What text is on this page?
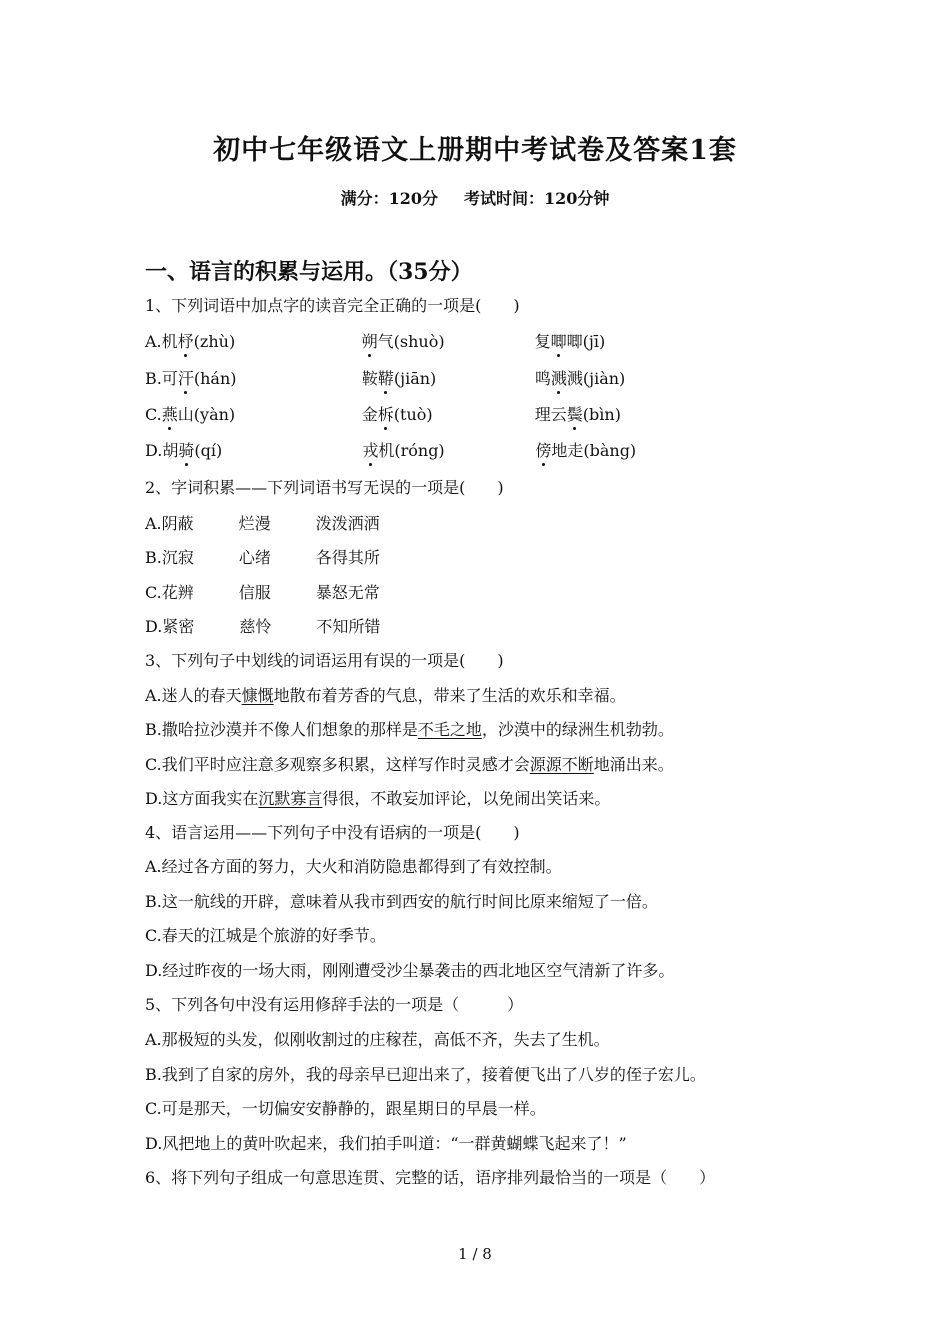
初中七年级语文上册期中考试卷及答案1套
满分：120分 考试时间：120分钟
一、语言的积累与运用。（35分）
1、下列词语中加点字的读音完全正确的一项是(　　)
A.机杼(zhù)	朔气(shuò)	复唧唧(jī)
B.可汗(hán)	鞍鞯(jiān)	鸣溅溅(jiàn)
C.燕山(yàn)	金柝(tuò)	理云鬓(bìn)
D.胡骑(qí)	戎机(róng)	傍地走(bàng)
2、字词积累——下列词语书写无误的一项是(　　)
A.阴蔽	烂漫	泼泼洒洒
B.沉寂	心绪	各得其所
C.花辨	信服	暴怒无常
D.紧密	慈怜	不知所错
3、下列句子中划线的词语运用有误的一项是(　　)
A.迷人的春天慷慨地散布着芳香的气息，带来了生活的欢乐和幸福。
B.撒哈拉沙漠并不像人们想象的那样是不毛之地，沙漠中的绿洲生机勃勃。
C.我们平时应注意多观察多积累，这样写作时灵感才会源源不断地涌出来。
D.这方面我实在沉默寡言得很，不敢妄加评论，以免闹出笑话来。
4、语言运用——下列句子中没有语病的一项是(　　)
A.经过各方面的努力，大火和消防隐患都得到了有效控制。
B.这一航线的开辟，意味着从我市到西安的航行时间比原来缩短了一倍。
C.春天的江城是个旅游的好季节。
D.经过昨夜的一场大雨，刚刚遭受沙尘暴袭击的西北地区空气清新了许多。
5、下列各句中没有运用修辞手法的一项是（　　　）
A.那极短的头发，似刚收割过的庄稼茬，高低不齐，失去了生机。
B.我到了自家的房外，我的母亲早已迎出来了，接着便飞出了八岁的侄子宏儿。
C.可是那天，一切偏安安静静的，跟星期日的早晨一样。
D.风把地上的黄叶吹起来，我们拍手叫道：“一群黄蝴蝶飞起来了！”
6、将下列句子组成一句意思连贯、完整的话，语序排列最恰当的一项是（　　）
1 / 8
